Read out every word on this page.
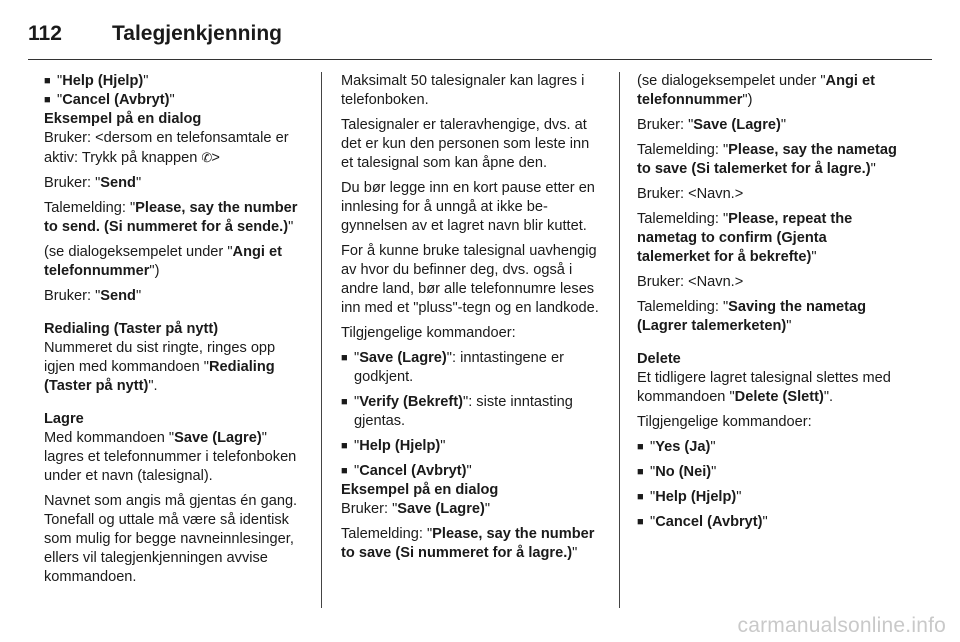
112	Talegjenkjenning
■ "Help (Hjelp)"
■ "Cancel (Avbryt)"

Eksempel på en dialog

Bruker: <dersom en telefonsamtale er aktiv: Trykk på knappen ✆>

Bruker: "Send"

Talemelding: "Please, say the number to send. (Si nummeret for å sende.)"

(se dialogeksempelet under "Angi et telefonnummer")

Bruker: "Send"

Redialing (Taster på nytt)

Nummeret du sist ringte, ringes opp igjen med kommandoen "Redialing (Taster på nytt)".

Lagre

Med kommandoen "Save (Lagre)" lagres et telefonnummer i telefonboken under et navn (talesignal).

Navnet som angis må gjentas én gang. Tonefall og uttale må være så identisk som mulig for begge navneinnlesinger, ellers vil talegjenkjenningen avvise kommandoen.

Maksimalt 50 talesignaler kan lagres i telefonboken.

Talesignaler er taleravhengige, dvs. at det er kun den personen som leste inn et talesignal som kan åpne den.

Du bør legge inn en kort pause etter en innlesing for å unngå at ikke begynnelsen av et lagret navn blir kuttet.

For å kunne bruke talesignal uavhengig av hvor du befinner deg, dvs. også i andre land, bør alle telefonnumre leses inn med et "pluss"-tegn og en landkode.

Tilgjengelige kommandoer:

■ "Save (Lagre)": inntastingene er godkjent.
■ "Verify (Bekreft)": siste inntasting gjentas.
■ "Help (Hjelp)"
■ "Cancel (Avbryt)"

Eksempel på en dialog

Bruker: "Save (Lagre)"

Talemelding: "Please, say the number to save (Si nummeret for å lagre.)"

(se dialogeksempelet under "Angi et telefonnummer")

Bruker: "Save (Lagre)"

Talemelding: "Please, say the nametag to save (Si talemerket for å lagre.)"

Bruker: <Navn.>

Talemelding: "Please, repeat the nametag to confirm (Gjenta talemerket for å bekrefte)"

Bruker: <Navn.>

Talemelding: "Saving the nametag (Lagrer talemerketen)"

Delete

Et tidligere lagret talesignal slettes med kommandoen "Delete (Slett)".

Tilgjengelige kommandoer:

■ "Yes (Ja)"
■ "No (Nei)"
■ "Help (Hjelp)"
■ "Cancel (Avbryt)"
carmanualsonline.info
